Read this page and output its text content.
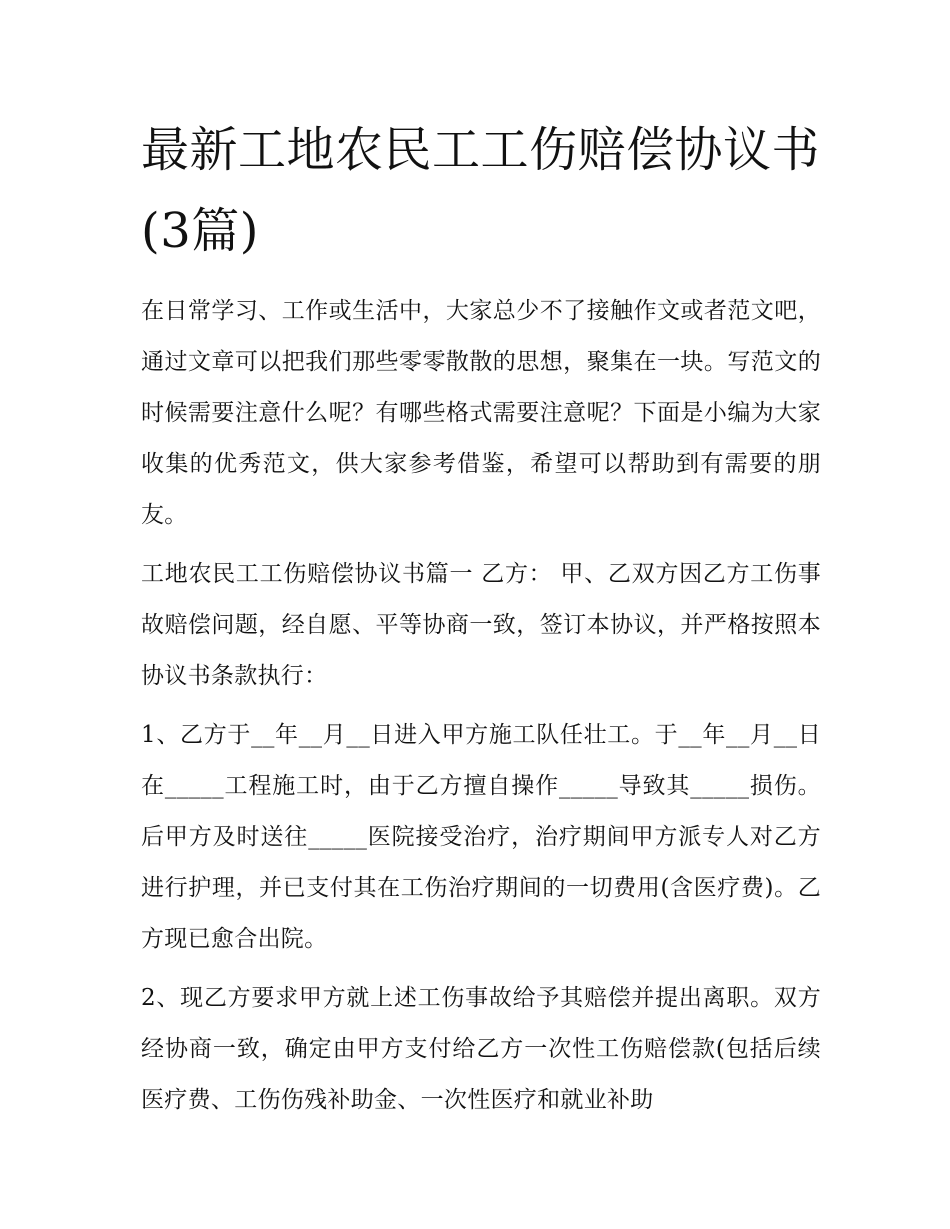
最新工地农民工工伤赔偿协议书(3篇)

在日常学习、工作或生活中，大家总少不了接触作文或者范文吧，通过文章可以把我们那些零零散散的思想，聚集在一块。写范文的时候需要注意什么呢？有哪些格式需要注意呢？下面是小编为大家收集的优秀范文，供大家参考借鉴，希望可以帮助到有需要的朋友。

工地农民工工伤赔偿协议书篇一 乙方： 甲、乙双方因乙方工伤事故赔偿问题，经自愿、平等协商一致，签订本协议，并严格按照本协议书条款执行：

1、乙方于__年__月__日进入甲方施工队任壮工。于__年__月__日在_____工程施工时，由于乙方擅自操作_____导致其_____损伤。后甲方及时送往_____医院接受治疗，治疗期间甲方派专人对乙方进行护理，并已支付其在工伤治疗期间的一切费用(含医疗费)。乙方现已愈合出院。

2、现乙方要求甲方就上述工伤事故给予其赔偿并提出离职。双方经协商一致，确定由甲方支付给乙方一次性工伤赔偿款(包括后续医疗费、工伤伤残补助金、一次性医疗和就业补助
